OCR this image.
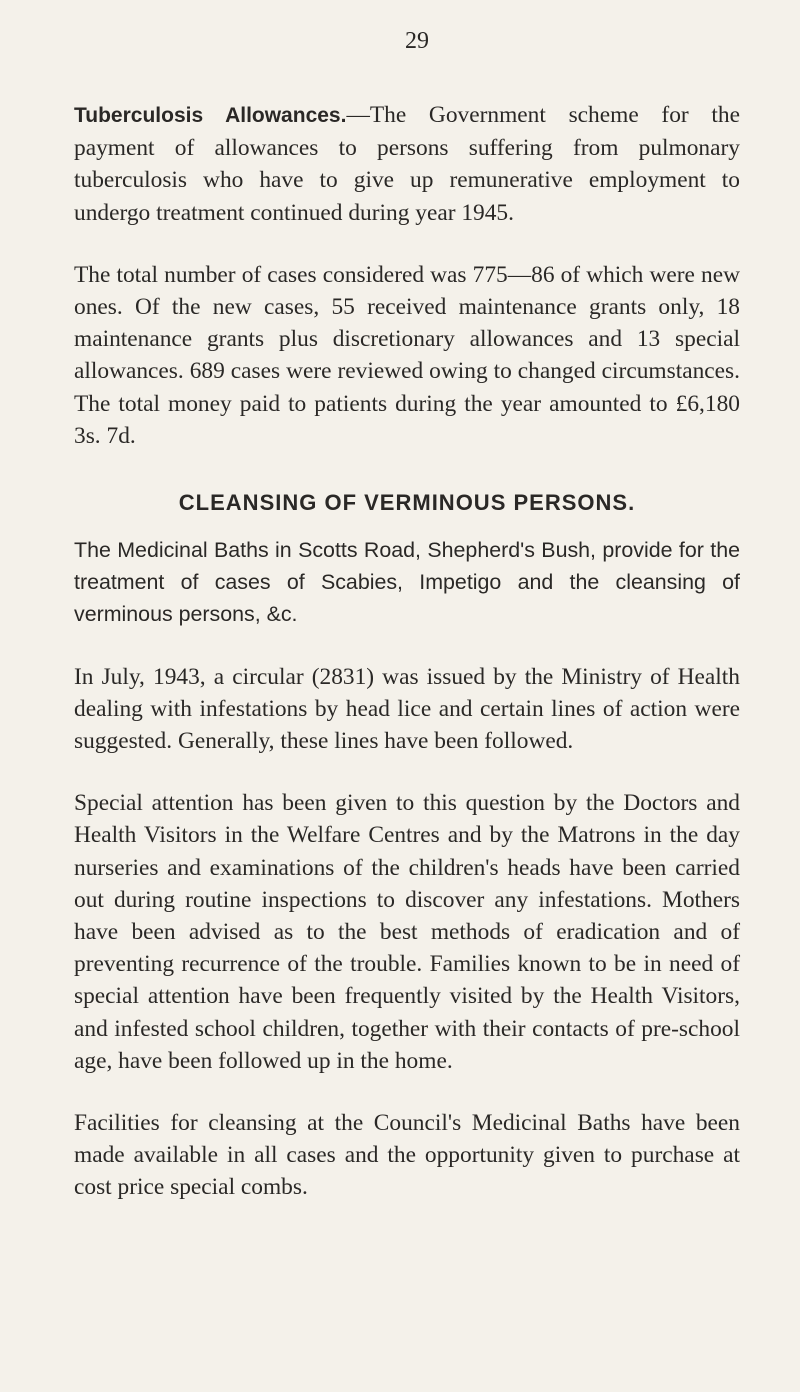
29

Tuberculosis Allowances.—The Government scheme for the payment of allowances to persons suffering from pulmonary tuberculosis who have to give up remunerative employment to undergo treatment continued during year 1945.

The total number of cases considered was 775—86 of which were new ones. Of the new cases, 55 received maintenance grants only, 18 maintenance grants plus discretionary allowances and 13 special allowances. 689 cases were reviewed owing to changed circumstances. The total money paid to patients during the year amounted to £6,180 3s. 7d.

CLEANSING OF VERMINOUS PERSONS.

The Medicinal Baths in Scotts Road, Shepherd's Bush, provide for the treatment of cases of Scabies, Impetigo and the cleansing of verminous persons, &c.

In July, 1943, a circular (2831) was issued by the Ministry of Health dealing with infestations by head lice and certain lines of action were suggested. Generally, these lines have been followed.

Special attention has been given to this question by the Doctors and Health Visitors in the Welfare Centres and by the Matrons in the day nurseries and examinations of the children's heads have been carried out during routine inspections to discover any infestations. Mothers have been advised as to the best methods of eradication and of preventing recurrence of the trouble. Families known to be in need of special attention have been frequently visited by the Health Visitors, and infested school children, together with their contacts of pre-school age, have been followed up in the home.

Facilities for cleansing at the Council's Medicinal Baths have been made available in all cases and the opportunity given to purchase at cost price special combs.
